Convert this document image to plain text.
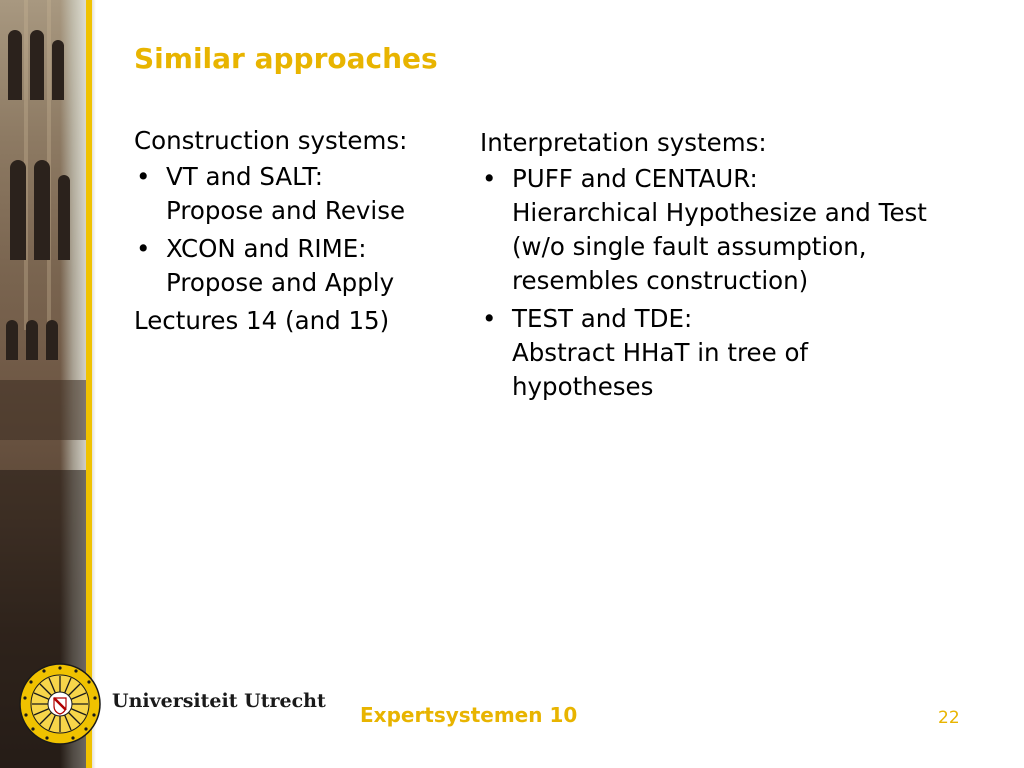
Similar approaches
Construction systems:
• VT and SALT:
Propose and Revise
• XCON and RIME:
Propose and Apply
Lectures 14 (and 15)
Interpretation systems:
• PUFF and CENTAUR:
Hierarchical Hypothesize and Test
(w/o single fault assumption,
resembles construction)
• TEST and TDE:
Abstract HHaT in tree of
hypotheses
Universiteit Utrecht
Expertsystemen 10	22
